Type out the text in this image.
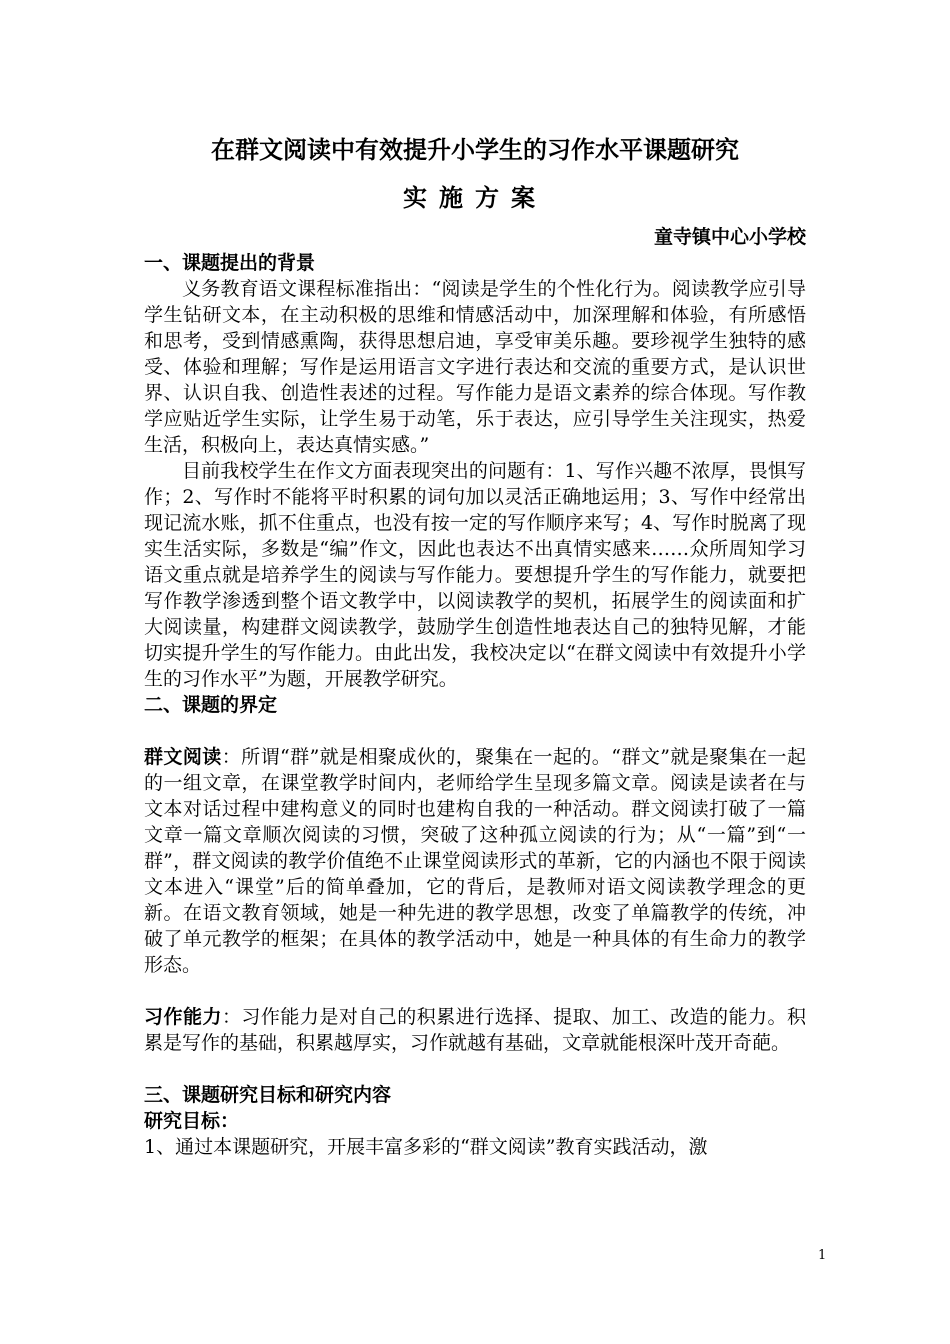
在群文阅读中有效提升小学生的习作水平课题研究
实施方案

童寺镇中心小学校

一、课题提出的背景

义务教育语文课程标准指出：“阅读是学生的个性化行为。阅读教学应引导学生钻研文本，在主动积极的思维和情感活动中，加深理解和体验，有所感悟和思考，受到情感熏陶，获得思想启迪，享受审美乐趣。要珍视学生独特的感受、体验和理解；写作是运用语言文字进行表达和交流的重要方式，是认识世界、认识自我、创造性表述的过程。写作能力是语文素养的综合体现。写作教学应贴近学生实际，让学生易于动笔，乐于表达，应引导学生关注现实，热爱生活，积极向上，表达真情实感。”

目前我校学生在作文方面表现突出的问题有：1、写作兴趣不浓厚，畏惧写作；2、写作时不能将平时积累的词句加以灵活正确地运用；3、写作中经常出现记流水账，抓不住重点，也没有按一定的写作顺序来写；4、写作时脱离了现实生活实际，多数是“编”作文，因此也表达不出真情实感来……众所周知学习语文重点就是培养学生的阅读与写作能力。要想提升学生的写作能力，就要把写作教学渗透到整个语文教学中，以阅读教学的契机，拓展学生的阅读面和扩大阅读量，构建群文阅读教学，鼓励学生创造性地表达自己的独特见解，才能切实提升学生的写作能力。由此出发，我校决定以“在群文阅读中有效提升小学生的习作水平”为题，开展教学研究。

二、课题的界定

群文阅读：所谓“群”就是相聚成伙的，聚集在一起的。“群文”就是聚集在一起的一组文章，在课堂教学时间内，老师给学生呈现多篇文章。阅读是读者在与文本对话过程中建构意义的同时也建构自我的一种活动。群文阅读打破了一篇文章一篇文章顺次阅读的习惯，突破了这种孤立阅读的行为；从“一篇”到“一群”，群文阅读的教学价值绝不止课堂阅读形式的革新，它的内涵也不限于阅读文本进入“课堂”后的简单叠加，它的背后，是教师对语文阅读教学理念的更新。在语文教育领域，她是一种先进的教学思想，改变了单篇教学的传统，冲破了单元教学的框架；在具体的教学活动中，她是一种具体的有生命力的教学形态。

习作能力：习作能力是对自己的积累进行选择、提取、加工、改造的能力。积累是写作的基础，积累越厚实，习作就越有基础，文章就能根深叶茂开奇葩。

三、课题研究目标和研究内容

研究目标：

1、通过本课题研究，开展丰富多彩的“群文阅读”教育实践活动，激

1
